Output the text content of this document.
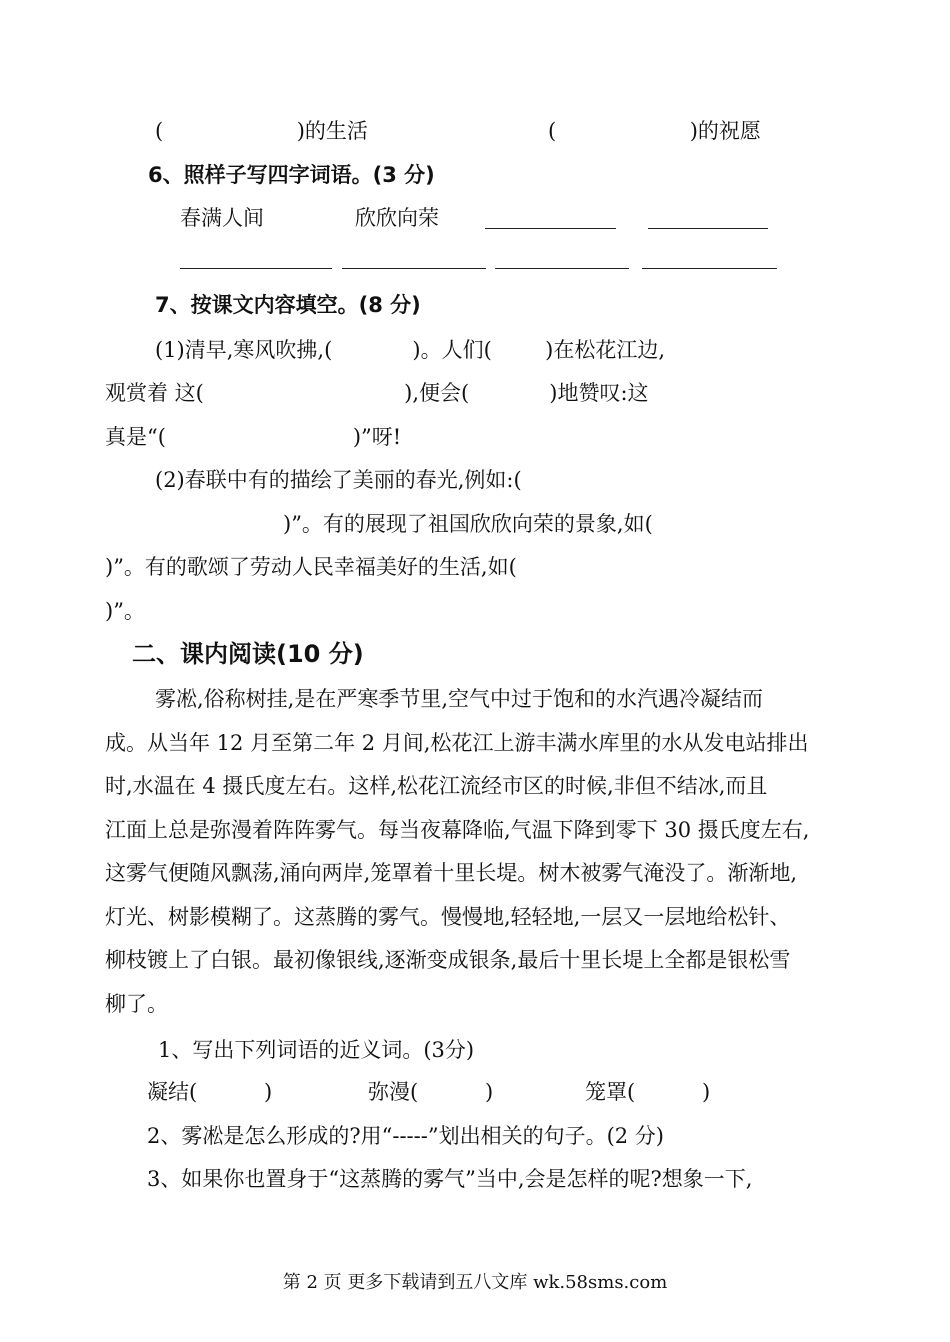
(                    )的生活	(                    )的祝愿
6、照样子写四字词语。(3 分)
春满人间	欣欣向荣
7、按课文内容填空。(8 分)
(1)清早,寒风吹拂,(            )。人们(        )在松花江边,
观赏着 这(                              ),便会(            )地赞叹:这
真是“(                            )”呀!
(2)春联中有的描绘了美丽的春光,例如:(
)”。有的展现了祖国欣欣向荣的景象,如(
)”。有的歌颂了劳动人民幸福美好的生活,如(
)”。
二、课内阅读(10 分)
雾凇,俗称树挂,是在严寒季节里,空气中过于饱和的水汽遇冷凝结而
成。从当年 12 月至第二年 2 月间,松花江上游丰满水库里的水从发电站排出
时,水温在 4 摄氏度左右。这样,松花江流经市区的时候,非但不结冰,而且
江面上总是弥漫着阵阵雾气。每当夜幕降临,气温下降到零下 30 摄氏度左右,
这雾气便随风飘荡,涌向两岸,笼罩着十里长堤。树木被雾气淹没了。渐渐地,
灯光、树影模糊了。这蒸腾的雾气。慢慢地,轻轻地,一层又一层地给松针、
柳枝镀上了白银。最初像银线,逐渐变成银条,最后十里长堤上全都是银松雪
柳了。
1、写出下列词语的近义词。(3分)
凝结(          )	弥漫(          )	笼罩(          )
2、雾凇是怎么形成的?用“-----”划出相关的句子。(2 分)
3、如果你也置身于“这蒸腾的雾气”当中,会是怎样的呢?想象一下,
第 2 页 更多下载请到五八文库 wk.58sms.com
